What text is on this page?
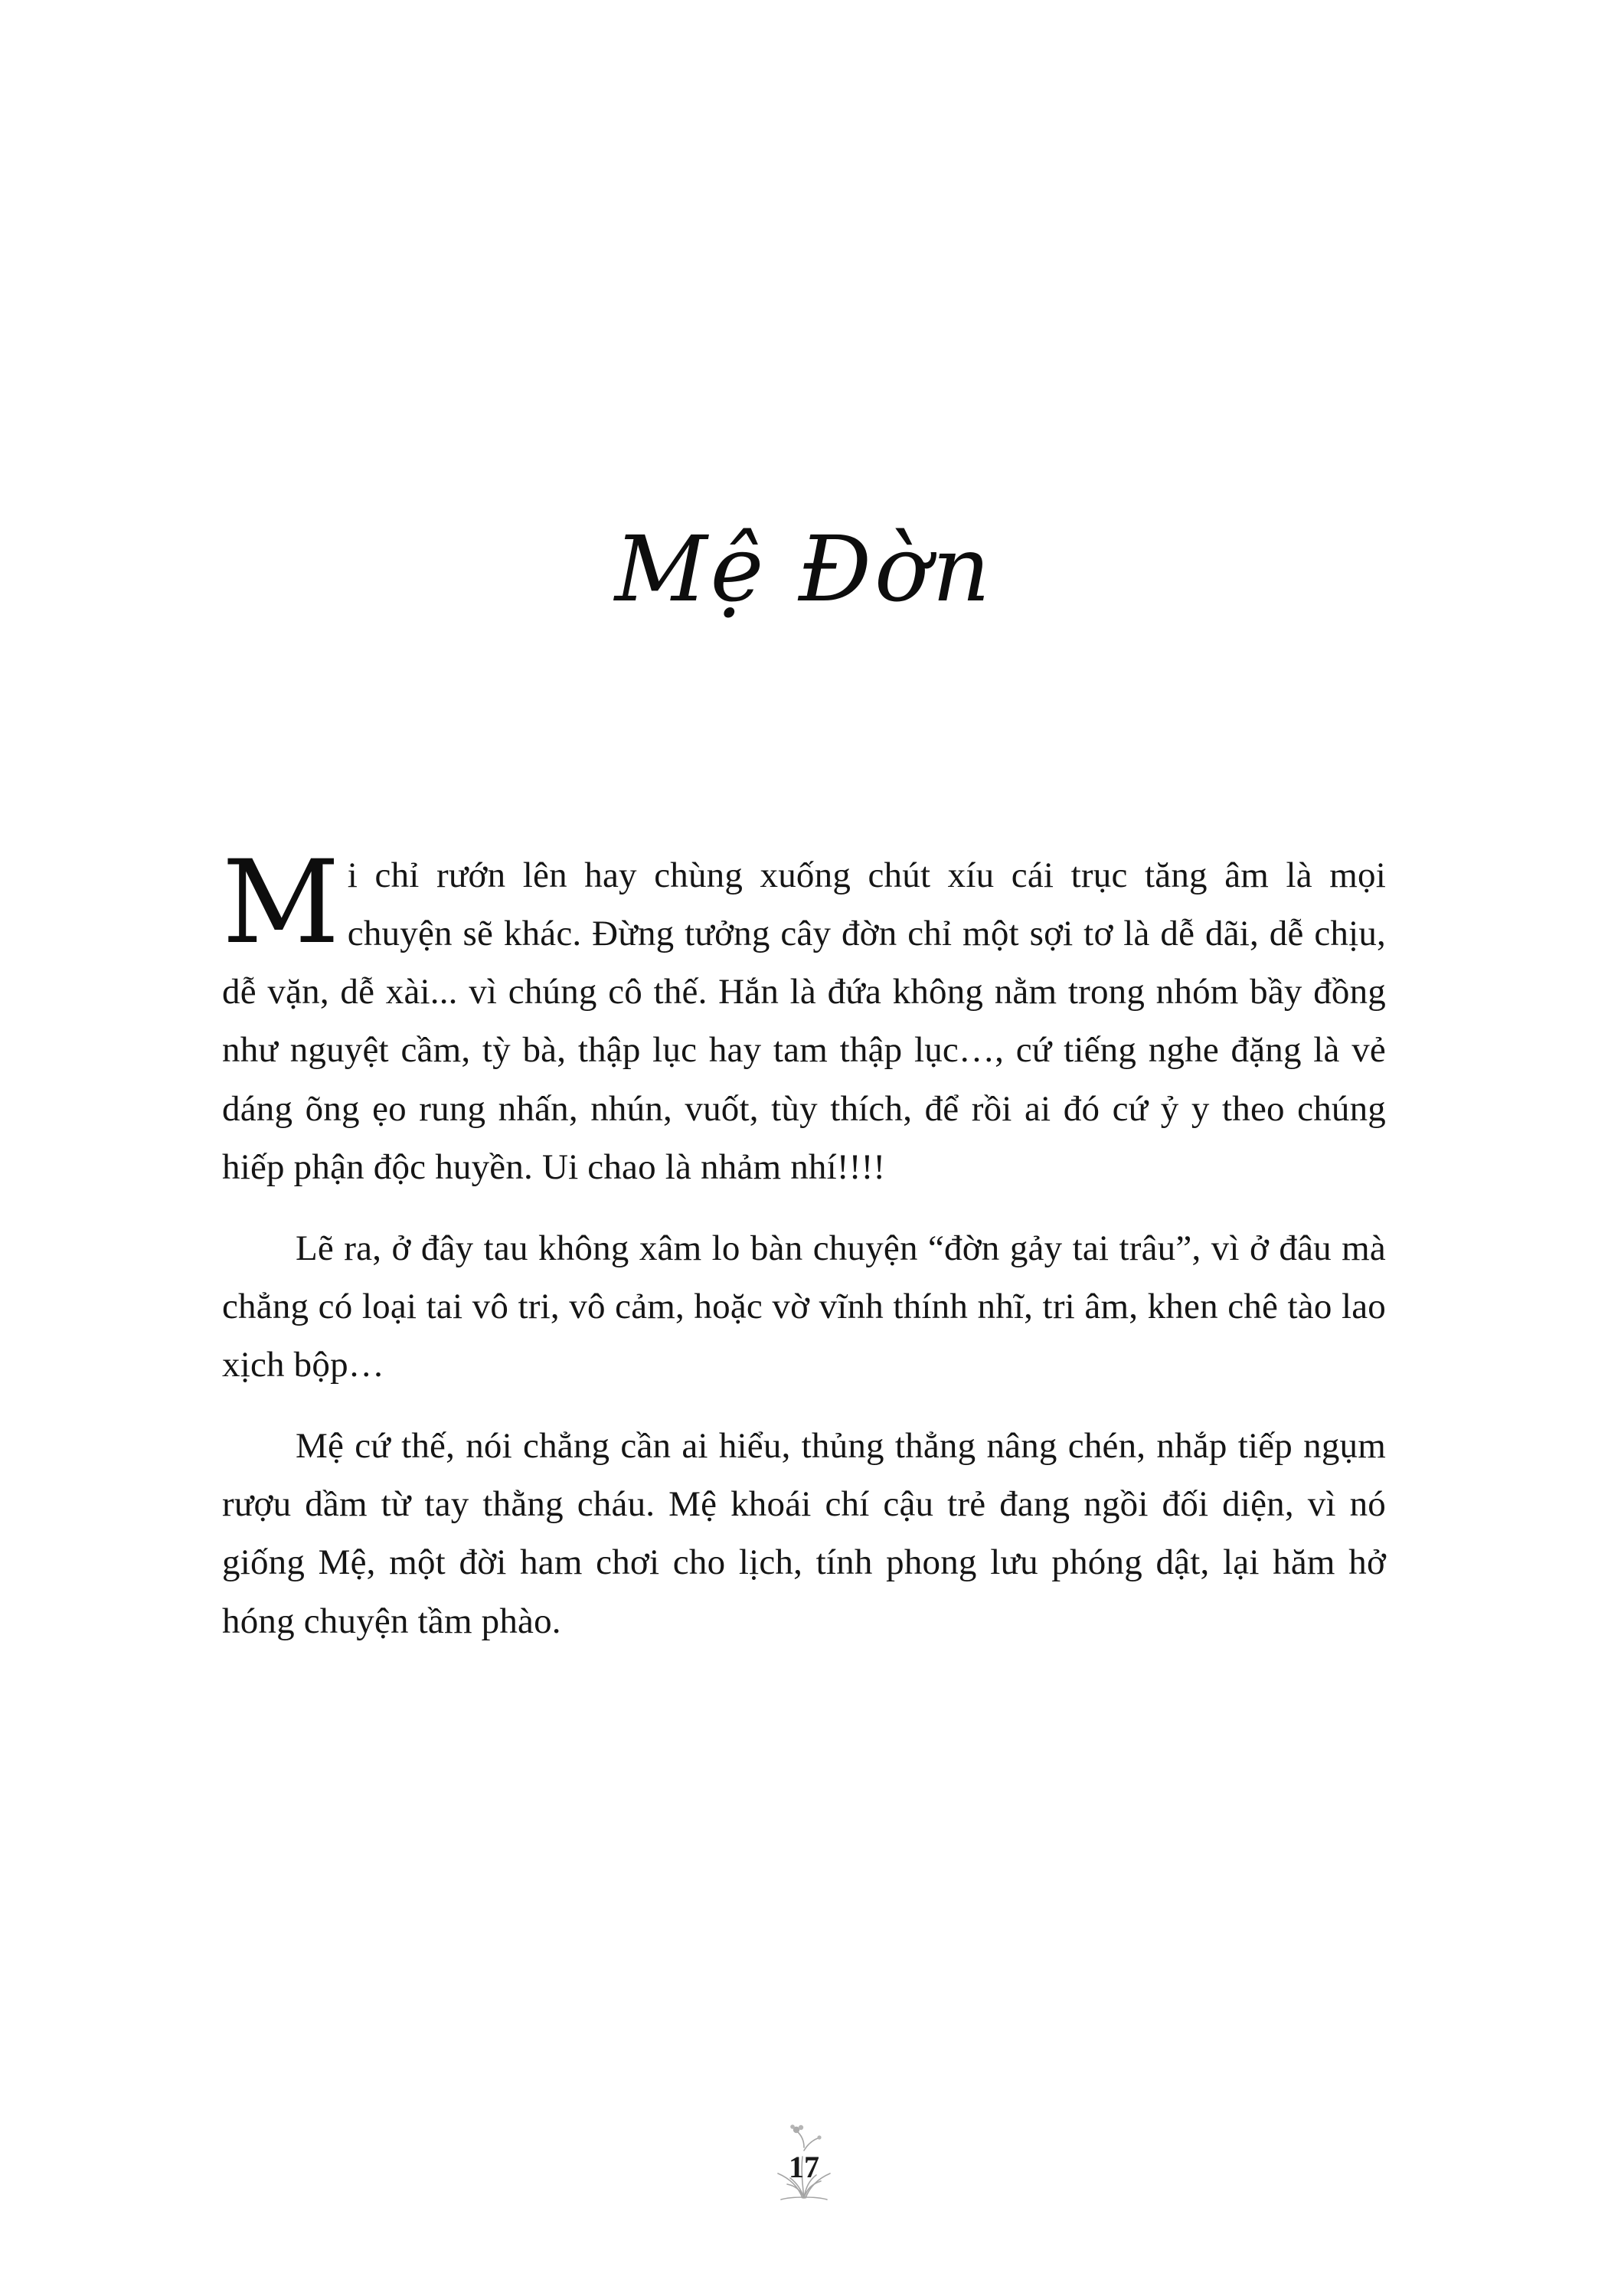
Mệ Đờn

Mi chỉ rướn lên hay chùng xuống chút xíu cái trục tăng âm là mọi chuyện sẽ khác. Đừng tưởng cây đờn chỉ một sợi tơ là dễ dãi, dễ chịu, dễ vặn, dễ xài... vì chúng cô thế. Hắn là đứa không nằm trong nhóm bầy đồng như nguyệt cầm, tỳ bà, thập lục hay tam thập lục…, cứ tiếng nghe đặng là vẻ dáng õng ẹo rung nhấn, nhún, vuốt, tùy thích, để rồi ai đó cứ ỷ y theo chúng hiếp phận độc huyền. Ui chao là nhảm nhí!!!!

Lẽ ra, ở đây tau không xâm lo bàn chuyện “đờn gảy tai trâu”, vì ở đâu mà chẳng có loại tai vô tri, vô cảm, hoặc vờ vĩnh thính nhĩ, tri âm, khen chê tào lao xịch bộp…

Mệ cứ thế, nói chẳng cần ai hiểu, thủng thẳng nâng chén, nhắp tiếp ngụm rượu dầm từ tay thằng cháu. Mệ khoái chí cậu trẻ đang ngồi đối diện, vì nó giống Mệ, một đời ham chơi cho lịch, tính phong lưu phóng dật, lại hăm hở hóng chuyện tầm phào.

17
